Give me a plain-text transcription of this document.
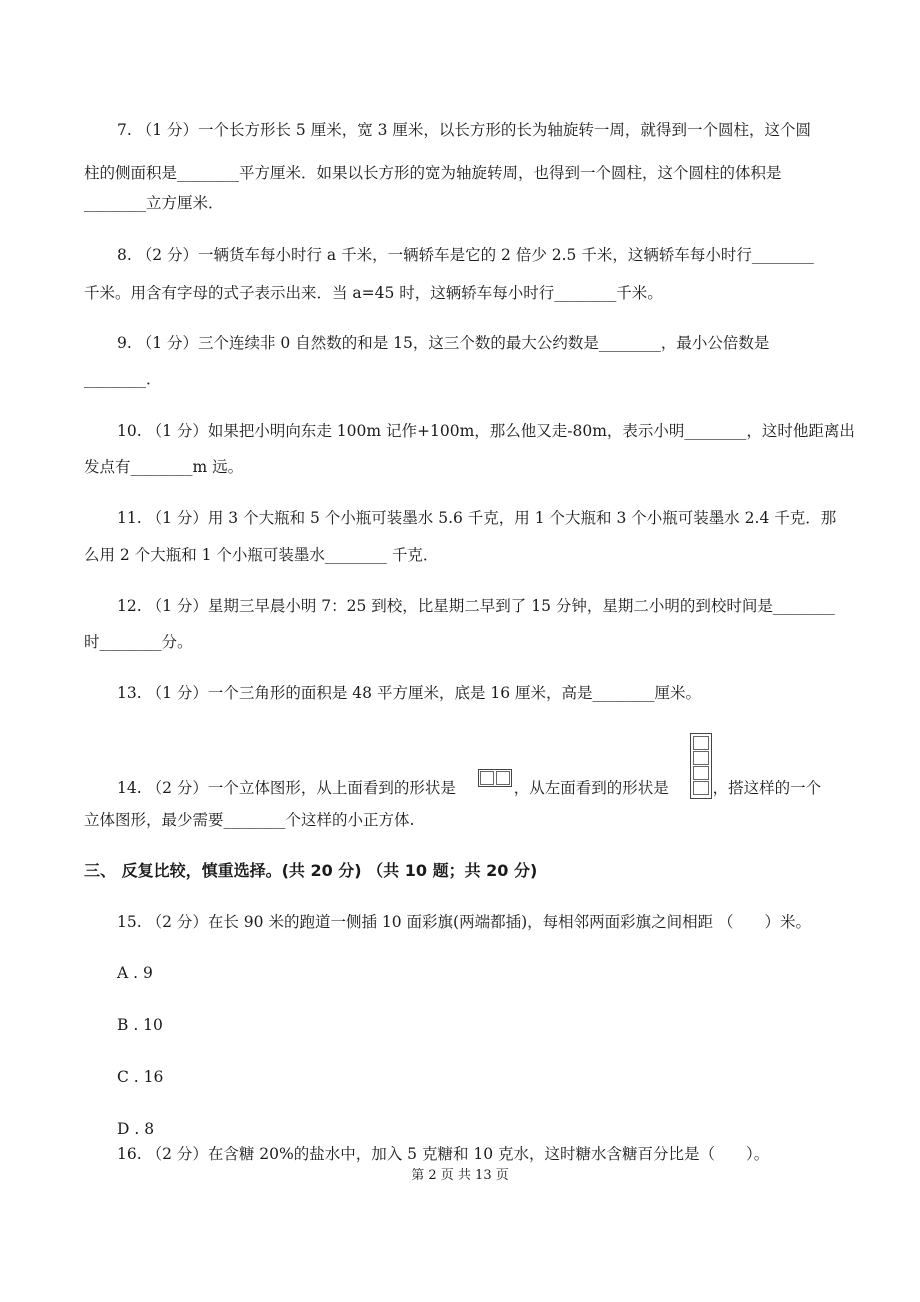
7. （1 分）一个长方形长 5 厘米，宽 3 厘米，以长方形的长为轴旋转一周，就得到一个圆柱，这个圆
柱的侧面积是________平方厘米．如果以长方形的宽为轴旋转周，也得到一个圆柱，这个圆柱的体积是
________立方厘米．
8. （2 分）一辆货车每小时行 a 千米，一辆轿车是它的 2 倍少 2.5 千米，这辆轿车每小时行________
千米。用含有字母的式子表示出来．当 a=45 时，这辆轿车每小时行________千米。
9. （1 分）三个连续非 0 自然数的和是 15，这三个数的最大公约数是________，最小公倍数是
________．
10. （1 分）如果把小明向东走 100m 记作+100m，那么他又走-80m，表示小明________，这时他距离出
发点有________m 远。
11. （1 分）用 3 个大瓶和 5 个小瓶可装墨水 5.6 千克，用 1 个大瓶和 3 个小瓶可装墨水 2.4 千克．那
么用 2 个大瓶和 1 个小瓶可装墨水________ 千克．
12. （1 分）星期三早晨小明 7：25 到校，比星期二早到了 15 分钟，星期二小明的到校时间是________
时________分。
13. （1 分）一个三角形的面积是 48 平方厘米，底是 16 厘米，高是________厘米。
14. （2 分）一个立体图形，从上面看到的形状是	，从左面看到的形状是	，搭这样的一个
立体图形，最少需要________个这样的小正方体.
三、 反复比较，慎重选择。(共 20 分) （共 10 题；共 20 分)
15. （2 分）在长 90 米的跑道一侧插 10 面彩旗(两端都插)，每相邻两面彩旗之间相距 （　　）米。
A . 9
B . 10
C . 16
D . 8
16. （2 分）在含糖 20%的盐水中，加入 5 克糖和 10 克水，这时糖水含糖百分比是（　　）。
第 2 页 共 13 页
